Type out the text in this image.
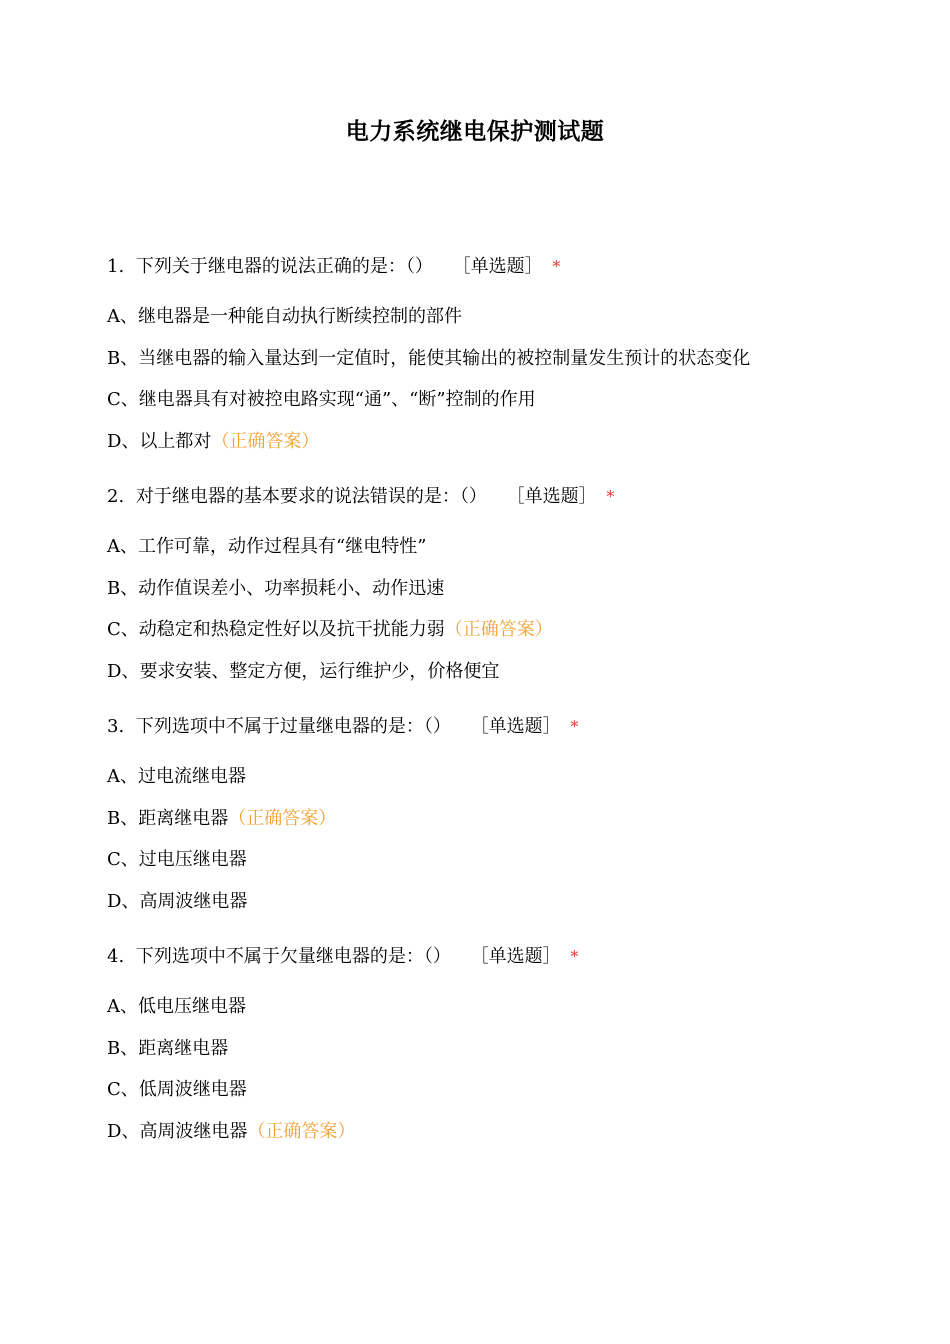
电力系统继电保护测试题
1. 下列关于继电器的说法正确的是：（） ［单选题］ *
A、继电器是一种能自动执行断续控制的部件
B、当继电器的输入量达到一定值时，能使其输出的被控制量发生预计的状态变化
C、继电器具有对被控电路实现“通”、“断”控制的作用
D、以上都对（正确答案）
2. 对于继电器的基本要求的说法错误的是：（） ［单选题］ *
A、工作可靠，动作过程具有“继电特性”
B、动作值误差小、功率损耗小、动作迅速
C、动稳定和热稳定性好以及抗干扰能力弱（正确答案）
D、要求安装、整定方便，运行维护少，价格便宜
3. 下列选项中不属于过量继电器的是：（） ［单选题］ *
A、过电流继电器
B、距离继电器（正确答案）
C、过电压继电器
D、高周波继电器
4. 下列选项中不属于欠量继电器的是：（） ［单选题］ *
A、低电压继电器
B、距离继电器
C、低周波继电器
D、高周波继电器（正确答案）
